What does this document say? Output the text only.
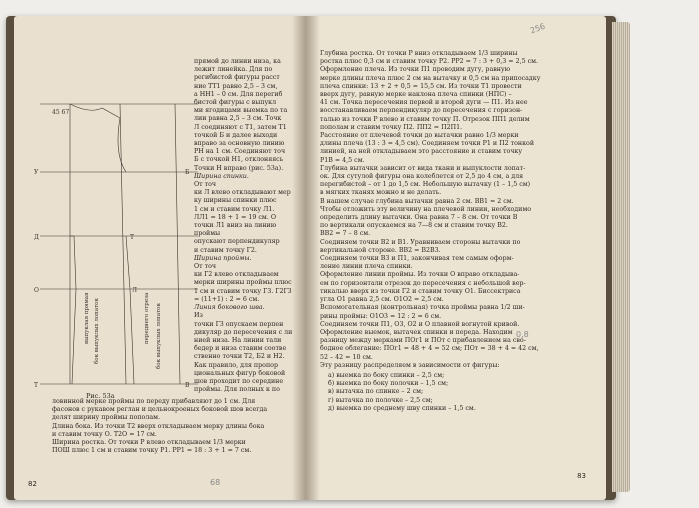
45 67
У
Д
О
Т
Т
Л
Б
В
выпуклая прямая бок выпуклых лопаток	переднего отреза бок выпуклых лопаток
Рис. 53а
прямой до линии низа, ка
лежит линейка. Для по
регибистой фигуры расст
ние ТТ1 равно 2,5 – 3 см,
а НН1 – 0 см. Для перегиб
бистой фигуры с выпукл
ми ягодицами выемка по та
лии равна 2,5 – 3 см. Точк
Л соединяют с Т1, затем Т1
точкой Б и далее выходи
вправо за основную линию
РН на 1 см. Соединяют точ
Б с точкой Н1, отклоняясь
Точки Н вправо (рис. 53а).
Ширина спинки.
От точ
ки Л влево откладывают мер
ку ширины спинки плюс
1 см и ставим точку Л1.
ЛЛ1 = 18 + 1 = 19 см. О
точки Л1 вниз на линию проймы
опускают перпендикуляр
и ставим точку Г2.
Ширина проймы.
От точ
ки Г2 влево откладываем
мерки ширины проймы плюс
1 см и ставим точку Г3. Г2Г3
= (11+1) : 2 = 6 см.
Линия бокового шва.
Из
точки Г3 опускаем перпен
дикуляр до пересечения с ли
нией низа. На линии тали
бедер и низа ставим соотве
ственно точки Т2, Б2 и Н2.
Как правило, для пропор
циональных фигур боковой
шов проходит по середине
проймы. Для полных к по
ловинной мерке проймы по переду прибавляют до 1 см. Для
фасонов с рукавом реглан и цельнокроеных боковой шов всегда
делят ширину проймы пополам.
Длина бока. Из точки Т2 вверх откладываем мерку длины бока
и ставим точку О. Т2О = 17 см.
Ширина ростка. От точки Р влево откладываем 1/3 мерки
ПОШ плюс 1 см и ставим точку Р1. РР1 = 18 : 3 + 1 = 7 см.
68
82
Глубина ростка. От точки Р вниз откладываем 1/3 ширины
ростка плюс 0,3 см и ставим точку Р2. РР2 = 7 : 3 + 0,3 = 2,5 см.
Оформление плеча. Из точки П1 проводим дугу, равную
мерке длины плеча плюс 2 см на вытачку и 0,5 см на припосадку
плеча спинки: 13 + 2 + 0,5 = 15,5 см. Из точки Т1 провести
вверх дугу, равную мерке наклона плеча спинки (НПС) –
41 см. Точка пересечения первой и второй дуги — П1. Из нее
восстанавливаем перпендикуляр до пересечения с горизон-
талью из точки Р влево и ставим точку П. Отрезок ПП1 делим
пополам и ставим точку П2. ПП2 = П2П1.
Расстояние от плечевой точки до вытачки равно 1/3 мерки
длины плеча (13 : 3 = 4,5 см). Соединяем точки Р1 и П2 тонкой
линией, на ней откладываем это расстояние и ставим точку
Р1В = 4,5 см.
Глубина вытачки зависит от вида ткани и выпуклости лопат-
ок. Для сутулой фигуры она колеблется от 2,5 до 4 см, а для
перегибистой – от 1 до 1,5 см. Небольшую вытачку (1 – 1,5 см)
в мягких тканях можно и не делать.
В нашем случае глубина вытачки равна 2 см. ВВ1 = 2 см.
Чтобы отложить эту величину на плечевой линии, необходимо
определить длину вытачки. Она равна 7 – 8 см. От точки В
по вертикали опускаемся на 7—8 см и ставим точку В2.
ВВ2 = 7 – 8 см.
Соединяем точки В2 и В1. Уравниваем стороны вытачки по
вертикальной стороне. ВВ2 = В2В3.
Соединяем точки В3 и П1, закончивая тем самым оформ-
ление линии плеча спинки.
Оформление линии проймы. Из точки О вправо откладыва-
ем по горизонтали отрезок до пересечения с небольшой вер-
тикалью вверх из точки Г2 и ставим точку О1. Биссектриса
угла О1 равна 2,5 см. О1О2 = 2,5 см.
Вспомогательная (контрольная) точка проймы равна 1/2 ши-
рины проймы: О1О3 = 12 : 2 = 6 см.
Соединяем точки П1, О3, О2 и О плавной вогнутой кривой.
Оформление выемок, вытачек спинки и переда. Находим
разницу между мерками ПОг1 и ПОт с прибавлением на сво-
бодное облегание: ПОг1 = 48 + 4 = 52 см; ПОт = 38 + 4 = 42 см,
52 – 42 = 10 см.
Эту разницу распределяем в зависимости от фигуры:
а) выемка по боку спинки – 2,5 см;
б) выемка по боку полочки – 1,5 см;
в) вытачка по спинке – 2 см;
г) вытачка по полочке – 2,5 см;
д) выемка по среднему шву спинки – 1,5 см.
256
0,8
83
